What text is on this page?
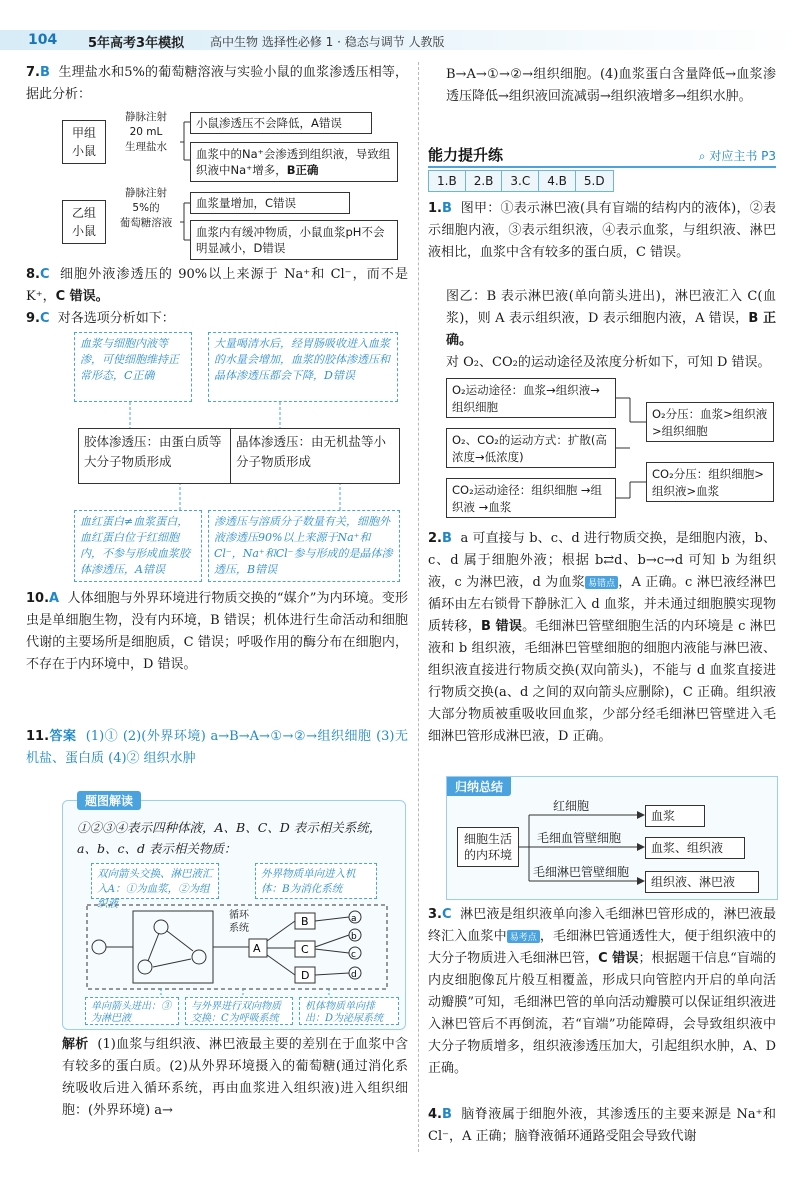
104 5年高考3年模拟 高中生物 选择性必修 1 · 稳态与调节 人教版

7.B 生理盐水和5%的葡萄糖溶液与实验小鼠的血浆渗透压相等，据此分析：

甲组
小鼠
静脉注射
20 mL
生理盐水
小鼠渗透压不会降低，A错误
血浆中的Na⁺会渗透到组织液，导致组织液中Na⁺增多，B正确
乙组
小鼠
静脉注射
5%的
葡萄糖溶液
血浆量增加，C错误
血浆内有缓冲物质，小鼠血浆pH不会明显减小，D错误

8.C 细胞外液渗透压的 90%以上来源于 Na⁺和 Cl⁻，而不是 K⁺，C 错误。

9.C 对各选项分析如下：

血浆与细胞内液等渗，可使细胞维持正常形态，C正确
大量喝清水后，经胃肠吸收进入血浆的水量会增加，血浆的胶体渗透压和晶体渗透压都会下降，D错误
胶体渗透压：由蛋白质等大分子物质形成
晶体渗透压：由无机盐等小分子物质形成
血红蛋白≠血浆蛋白，血红蛋白位于红细胞内，不参与形成血浆胶体渗透压，A错误
渗透压与溶质分子数量有关，细胞外液渗透压90%以上来源于Na⁺和Cl⁻，Na⁺和Cl⁻参与形成的是晶体渗透压，B错误

10.A 人体细胞与外界环境进行物质交换的“媒介”为内环境。变形虫是单细胞生物，没有内环境，B 错误；机体进行生命活动和细胞代谢的主要场所是细胞质，C 错误；呼吸作用的酶分布在细胞内，不存在于内环境中，D 错误。

11.答案 (1)① (2)(外界环境) a→B→A→①→②→组织细胞 (3)无机盐、蛋白质 (4)② 组织水肿

题图解读

①②③④表示四种体液，A、B、C、D 表示相关系统，a、b、c、d 表示相关物质：

双向箭头交换、淋巴液汇入A：①为血浆，②为组织液
外界物质单向进入机体：B为消化系统
B
A	C
D
a
b
c
d
循环
系统
单向箭头进出：③为淋巴液
与外界进行双向物质交换：C为呼吸系统
机体物质单向排出：D为泌尿系统

解析 (1)血浆与组织液、淋巴液最主要的差别在于血浆中含有较多的蛋白质。(2)从外界环境摄入的葡萄糖(通过消化系统吸收后进入循环系统，再由血浆进入组织液)进入组织细胞：(外界环境) a→

B→A→①→②→组织细胞。(4)血浆蛋白含量降低→血浆渗透压降低→组织液回流减弱→组织液增多→组织水肿。

能力提升练	⌕ 对应主书 P3
1.B	2.B	3.C	4.B	5.D

1.B 图甲：①表示淋巴液(具有盲端的结构内的液体)，②表示细胞内液，③表示组织液，④表示血浆，与组织液、淋巴液相比，血浆中含有较多的蛋白质，C 错误。

图乙：B 表示淋巴液(单向箭头进出)，淋巴液汇入 C(血浆)，则 A 表示组织液，D 表示细胞内液，A 错误，B 正确。

对 O₂、CO₂的运动途径及浓度分析如下，可知 D 错误。

O₂运动途径：血浆→组织液→组织细胞
O₂、CO₂的运动方式：扩散(高浓度→低浓度)
CO₂运动途径：组织细胞 →组织液 →血浆
O₂分压：血浆>组织液>组织细胞
CO₂分压：组织细胞>组织液>血浆

2.B a 可直接与 b、c、d 进行物质交换，是细胞内液，b、c、d 属于细胞外液；根据 b⇄d、b→c→d 可知 b 为组织液，c 为淋巴液，d 为血浆 易错点 ，A 正确。c 淋巴液经淋巴循环由左右锁骨下静脉汇入 d 血浆，并未通过细胞膜实现物质转移，B 错误。毛细淋巴管壁细胞生活的内环境是 c 淋巴液和 b 组织液，毛细淋巴管壁细胞的细胞内液能与淋巴液、组织液直接进行物质交换(双向箭头)，不能与 d 血浆直接进行物质交换(a、d 之间的双向箭头应删除)，C 正确。组织液大部分物质被重吸收回血浆，少部分经毛细淋巴管壁进入毛细淋巴管形成淋巴液，D 正确。

归纳总结
细胞生活
的内环境
红细胞
毛细血管壁细胞
毛细淋巴管壁细胞
血浆
血浆、组织液
组织液、淋巴液

3.C 淋巴液是组织液单向渗入毛细淋巴管形成的，淋巴液最终汇入血浆中 易考点 ，毛细淋巴管通透性大，便于组织液中的大分子物质进入毛细淋巴管，C 错误；根据题干信息“盲端的内皮细胞像瓦片般互相覆盖，形成只向管腔内开启的单向活动瓣膜”可知，毛细淋巴管的单向活动瓣膜可以保证组织液进入淋巴管后不再倒流，若“盲端”功能障碍，会导致组织液中大分子物质增多，组织液渗透压加大，引起组织水肿，A、D 正确。

4.B 脑脊液属于细胞外液，其渗透压的主要来源是 Na⁺和 Cl⁻，A 正确；脑脊液循环通路受阻会导致代谢
